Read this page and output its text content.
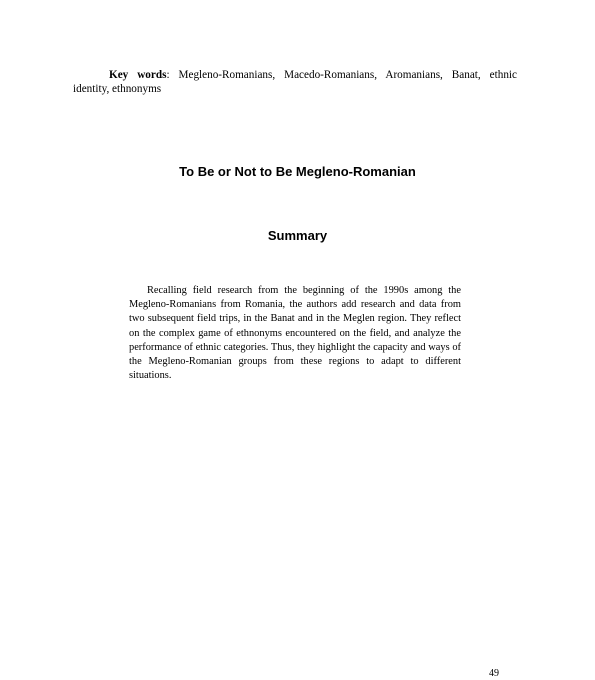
Key words: Megleno-Romanians, Macedo-Romanians, Aromanians, Banat, ethnic identity, ethnonyms
To Be or Not to Be Megleno-Romanian
Summary

Recalling field research from the beginning of the 1990s among the Megleno-Romanians from Romania, the authors add research and data from two subsequent field trips, in the Banat and in the Meglen region. They reflect on the complex game of ethnonyms encountered on the field, and analyze the performance of ethnic categories. Thus, they highlight the capacity and ways of the Megleno-Romanian groups from these regions to adapt to different situations.

49
